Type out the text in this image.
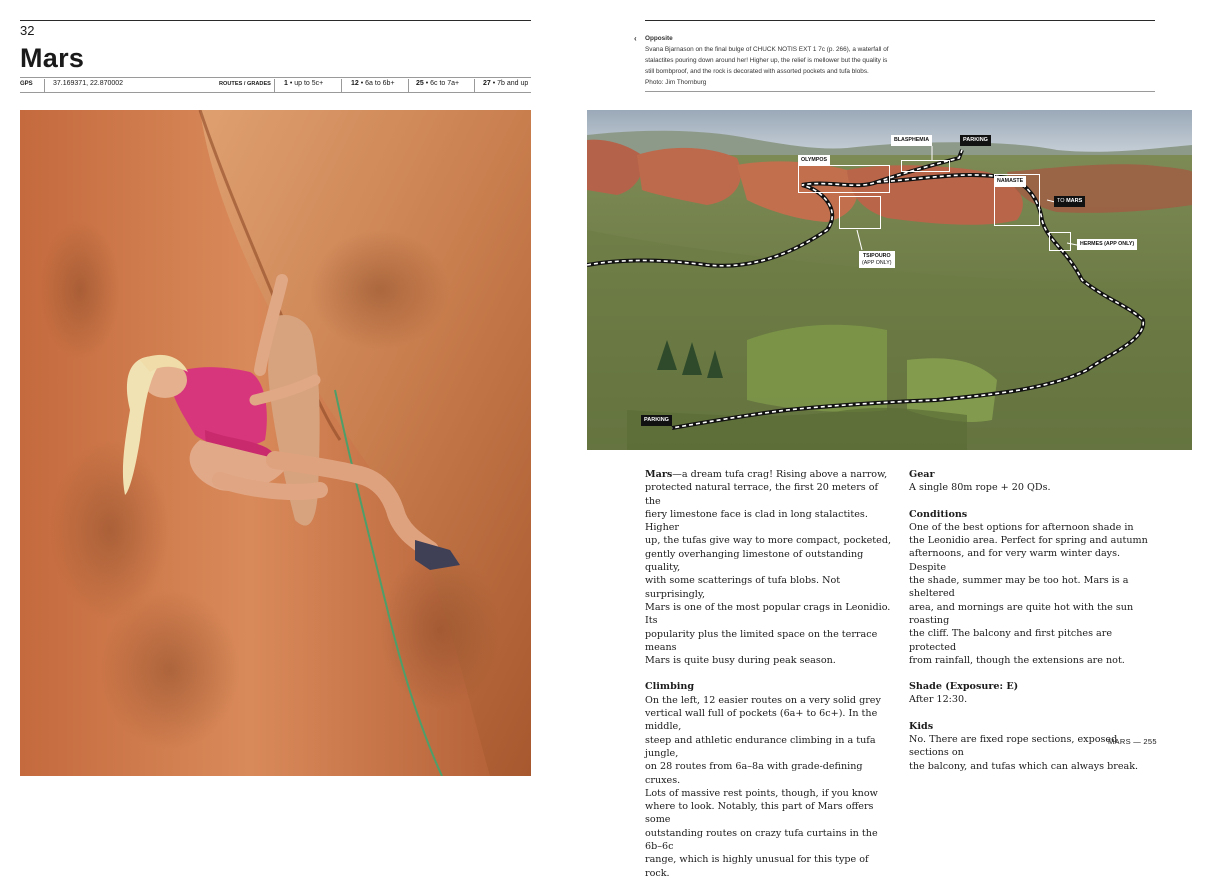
32
Mars
GPS	37.169371, 22.870002	ROUTES / GRADES 1 • up to 5c+	12 • 6a to 6b+	25 • 6c to 7a+	27 • 7b and up
‹ Opposite
Svana Bjarnason on the final bulge of CHUCK NOTIS EXT 1 7c (p. 266), a waterfall of
stalactites pouring down around her! Higher up, the relief is mellower but the quality is
still bombproof, and the rock is decorated with assorted pockets and tufa blobs.
Photo: Jim Thornburg
BLASPHEMIA	PARKING
OLYMPOS
NAMASTE
TO MARS
TSIPOURO
(APP ONLY)
HERMES (APP ONLY)
PARKING

Mars—a dream tufa crag! Rising above a narrow,
protected natural terrace, the first 20 meters of the
fiery limestone face is clad in long stalactites. Higher
up, the tufas give way to more compact, pocketed,
gently overhanging limestone of outstanding quality,
with some scatterings of tufa blobs. Not surprisingly,
Mars is one of the most popular crags in Leonidio. Its
popularity plus the limited space on the terrace means
Mars is quite busy during peak season.

Climbing

On the left, 12 easier routes on a very solid grey
vertical wall full of pockets (6a+ to 6c+). In the middle,
steep and athletic endurance climbing in a tufa jungle,
on 28 routes from 6a–8a with grade-defining cruxes.
Lots of massive rest points, though, if you know
where to look. Notably, this part of Mars offers some
outstanding routes on crazy tufa curtains in the 6b–6c
range, which is highly unusual for this type of rock.

Gear

A single 80m rope + 20 QDs.

Conditions

One of the best options for afternoon shade in
the Leonidio area. Perfect for spring and autumn
afternoons, and for very warm winter days. Despite
the shade, summer may be too hot. Mars is a sheltered
area, and mornings are quite hot with the sun roasting
the cliff. The balcony and first pitches are protected
from rainfall, though the extensions are not.

Shade (Exposure: E)

After 12:30.

Kids

No. There are fixed rope sections, exposed sections on
the balcony, and tufas which can always break.

MARS — 255
